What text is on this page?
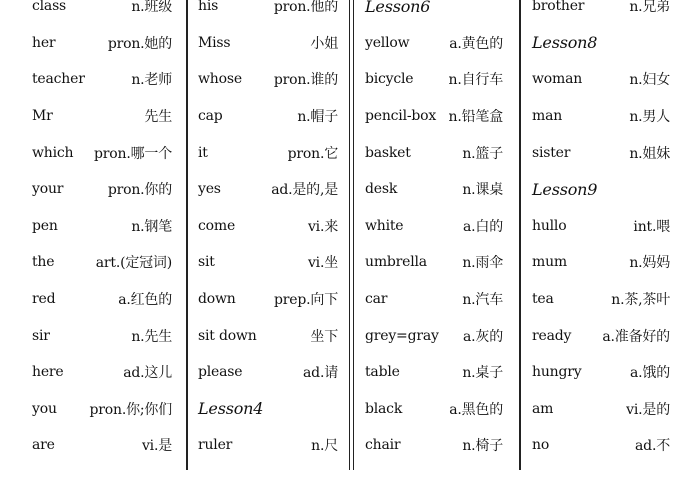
class	n.班级
her	pron.她的
teacher	n.老师
Mr	先生
which pron.哪一个
your	pron.你的
pen	n.钢笔
the	art.(定冠词)
red	a.红色的
sir	n.先生
here	ad.这儿
you pron.你;你们
are	vi.是
his	pron.他的
Miss	小姐
whose pron.谁的
cap	n.帽子
it	pron.它
yes	ad.是的,是
come	vi.来
sit	vi.坐
down	prep.向下
sit down	坐下
please	ad.请
Lesson4
ruler	n.尺
Lesson6
yellow	a.黄色的
bicycle	n.自行车
pencil-box n.铅笔盒
basket	n.篮子
desk	n.课桌
white	a.白的
umbrella	n.雨伞
car	n.汽车
grey=gray a.灰的
table	n.桌子
black	a.黑色的
chair	n.椅子
brother	n.兄弟
Lesson8
woman	n.妇女
man	n.男人
sister	n.姐妹
Lesson9
hullo	int.喂
mum	n.妈妈
tea	n.茶,茶叶
ready a.准备好的
hungry	a.饿的
am	vi.是的
no	ad.不
